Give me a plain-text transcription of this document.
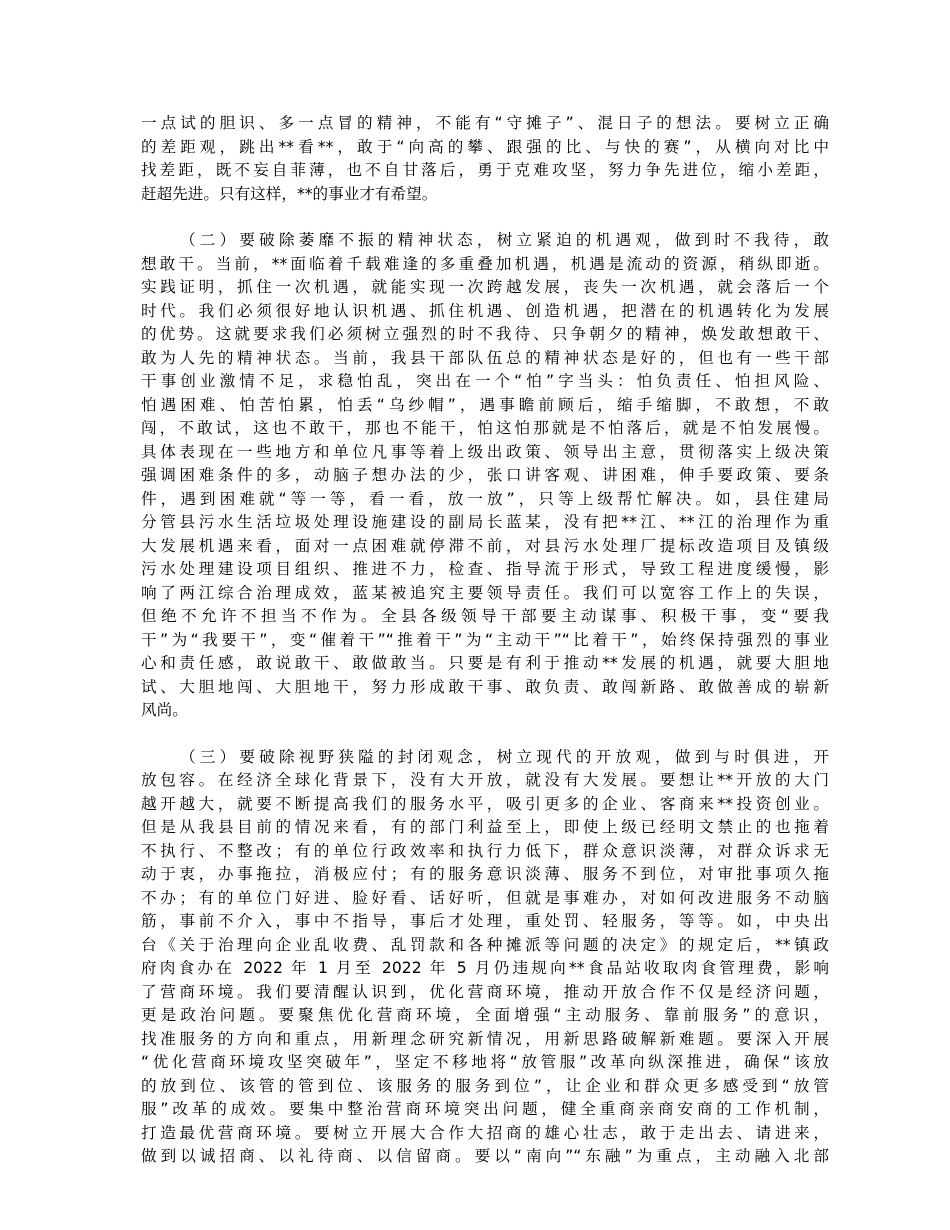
一点试的胆识、多一点冒的精神，不能有“守摊子”、混日子的想法。要树立正确
的差距观，跳出**看**，敢于“向高的攀、跟强的比、与快的赛”，从横向对比中
找差距，既不妄自菲薄，也不自甘落后，勇于克难攻坚，努力争先进位，缩小差距，
赶超先进。只有这样，**的事业才有希望。
（二）要破除萎靡不振的精神状态，树立紧迫的机遇观，做到时不我待，敢
想敢干。当前，**面临着千载难逢的多重叠加机遇，机遇是流动的资源，稍纵即逝。
实践证明，抓住一次机遇，就能实现一次跨越发展，丧失一次机遇，就会落后一个
时代。我们必须很好地认识机遇、抓住机遇、创造机遇，把潜在的机遇转化为发展
的优势。这就要求我们必须树立强烈的时不我待、只争朝夕的精神，焕发敢想敢干、
敢为人先的精神状态。当前，我县干部队伍总的精神状态是好的，但也有一些干部
干事创业激情不足，求稳怕乱，突出在一个“怕”字当头：怕负责任、怕担风险、
怕遇困难、怕苦怕累，怕丢“乌纱帽”，遇事瞻前顾后，缩手缩脚，不敢想，不敢
闯，不敢试，这也不敢干，那也不能干，怕这怕那就是不怕落后，就是不怕发展慢。
具体表现在一些地方和单位凡事等着上级出政策、领导出主意，贯彻落实上级决策
强调困难条件的多，动脑子想办法的少，张口讲客观、讲困难，伸手要政策、要条
件，遇到困难就“等一等，看一看，放一放”，只等上级帮忙解决。如，县住建局
分管县污水生活垃圾处理设施建设的副局长蓝某，没有把**江、**江的治理作为重
大发展机遇来看，面对一点困难就停滞不前，对县污水处理厂提标改造项目及镇级
污水处理建设项目组织、推进不力，检查、指导流于形式，导致工程进度缓慢，影
响了两江综合治理成效，蓝某被追究主要领导责任。我们可以宽容工作上的失误，
但绝不允许不担当不作为。全县各级领导干部要主动谋事、积极干事，变“要我
干”为“我要干”，变“催着干”“推着干”为“主动干”“比着干”，始终保持强烈的事业
心和责任感，敢说敢干、敢做敢当。只要是有利于推动**发展的机遇，就要大胆地
试、大胆地闯、大胆地干，努力形成敢干事、敢负责、敢闯新路、敢做善成的崭新
风尚。
（三）要破除视野狭隘的封闭观念，树立现代的开放观，做到与时俱进，开
放包容。在经济全球化背景下，没有大开放，就没有大发展。要想让**开放的大门
越开越大，就要不断提高我们的服务水平，吸引更多的企业、客商来**投资创业。
但是从我县目前的情况来看，有的部门利益至上，即使上级已经明文禁止的也拖着
不执行、不整改；有的单位行政效率和执行力低下，群众意识淡薄，对群众诉求无
动于衷，办事拖拉，消极应付；有的服务意识淡薄、服务不到位，对审批事项久拖
不办；有的单位门好进、脸好看、话好听，但就是事难办，对如何改进服务不动脑
筋，事前不介入，事中不指导，事后才处理，重处罚、轻服务，等等。如，中央出
台《关于治理向企业乱收费、乱罚款和各种摊派等问题的决定》的规定后，**镇政
府肉食办在 2022 年 1 月至 2022 年 5 月仍违规向**食品站收取肉食管理费，影响
了营商环境。我们要清醒认识到，优化营商环境，推动开放合作不仅是经济问题，
更是政治问题。要聚焦优化营商环境，全面增强“主动服务、靠前服务”的意识，
找准服务的方向和重点，用新理念研究新情况，用新思路破解新难题。要深入开展
“优化营商环境攻坚突破年”，坚定不移地将“放管服”改革向纵深推进，确保“该放
的放到位、该管的管到位、该服务的服务到位”，让企业和群众更多感受到“放管
服”改革的成效。要集中整治营商环境突出问题，健全重商亲商安商的工作机制，
打造最优营商环境。要树立开展大合作大招商的雄心壮志，敢于走出去、请进来，
做到以诚招商、以礼待商、以信留商。要以“南向”“东融”为重点，主动融入北部
